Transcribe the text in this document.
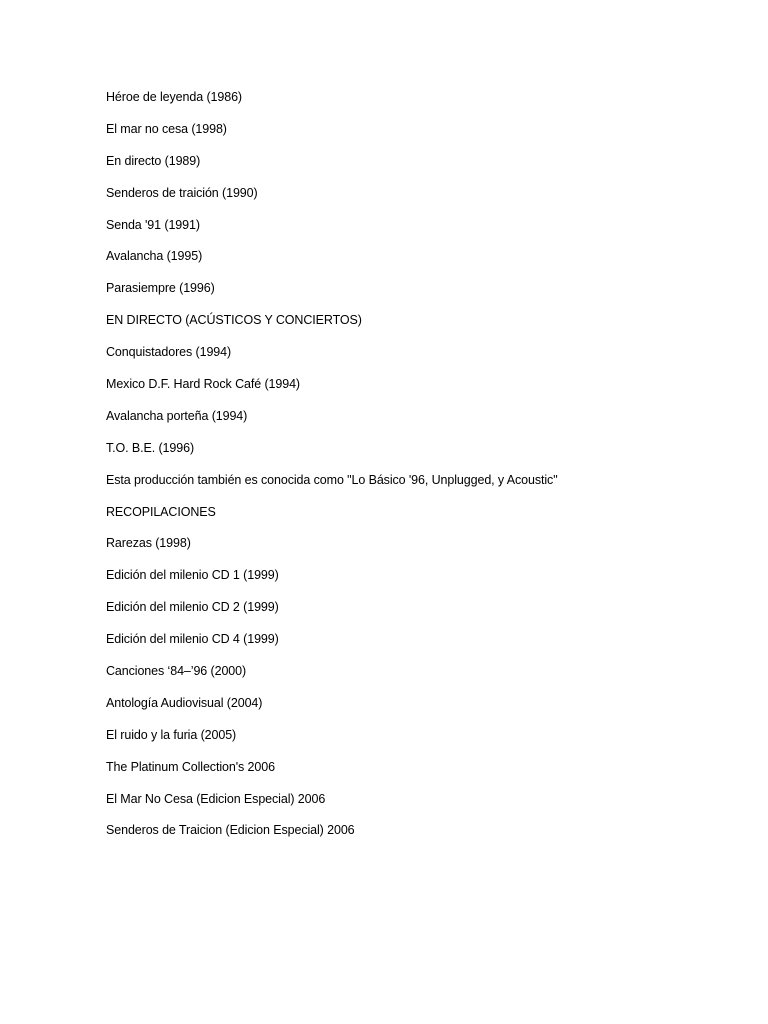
Héroe de leyenda (1986)
El mar no cesa (1998)
En directo (1989)
Senderos de traición (1990)
Senda '91 (1991)
Avalancha (1995)
Parasiempre (1996)
EN DIRECTO (ACÚSTICOS Y CONCIERTOS)
Conquistadores (1994)
Mexico D.F. Hard Rock Café (1994)
Avalancha porteña (1994)
T.O. B.E. (1996)
Esta producción también es conocida como "Lo Básico '96, Unplugged, y Acoustic"
RECOPILACIONES
Rarezas (1998)
Edición del milenio CD 1 (1999)
Edición del milenio CD 2 (1999)
Edición del milenio CD 4 (1999)
Canciones ‘84–’96 (2000)
Antología Audiovisual (2004)
El ruido y la furia (2005)
The Platinum Collection's 2006
El Mar No Cesa (Edicion Especial) 2006
Senderos de Traicion (Edicion Especial) 2006
